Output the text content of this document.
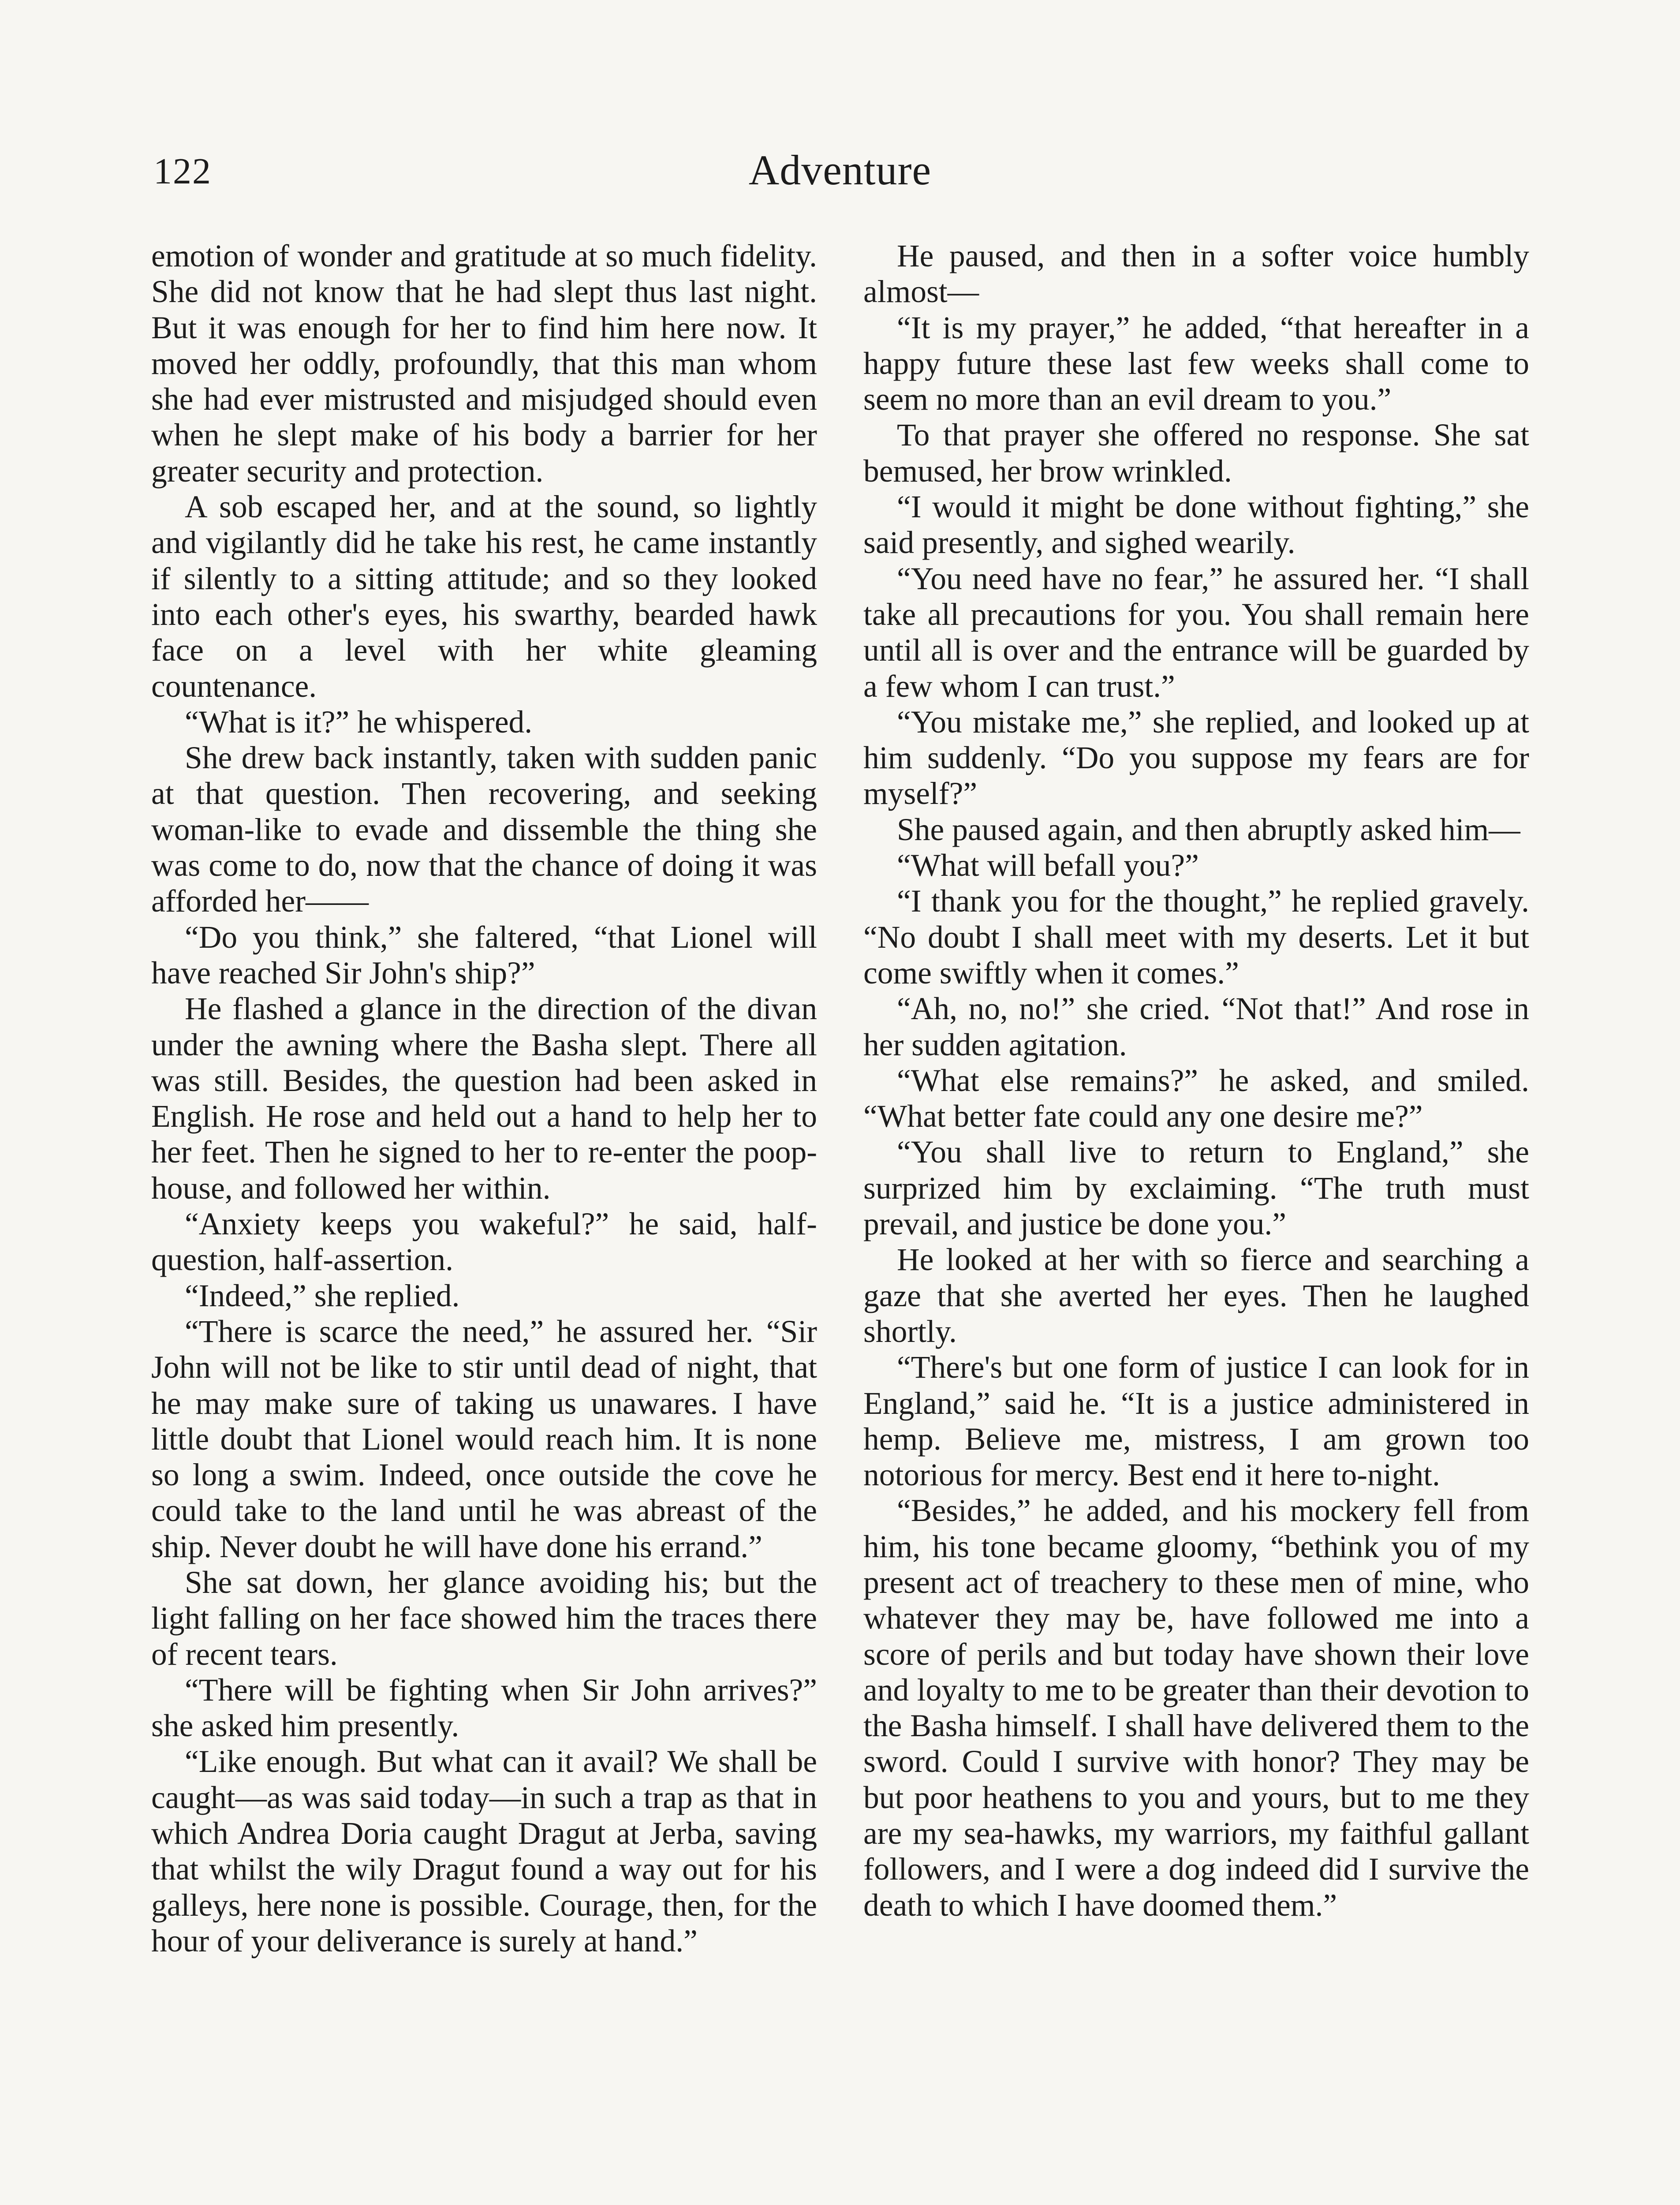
122	Adventure

emotion of wonder and gratitude at so much fidelity. She did not know that he had slept thus last night. But it was enough for her to find him here now. It moved her oddly, profoundly, that this man whom she had ever mistrusted and misjudged should even when he slept make of his body a barrier for her greater security and protection.

A sob escaped her, and at the sound, so lightly and vigilantly did he take his rest, he came instantly if silently to a sitting attitude; and so they looked into each other's eyes, his swarthy, bearded hawk face on a level with her white gleaming countenance.

“What is it?” he whispered.

She drew back instantly, taken with sudden panic at that question. Then recovering, and seeking woman-like to evade and dissemble the thing she was come to do, now that the chance of doing it was afforded her——

“Do you think,” she faltered, “that Lionel will have reached Sir John's ship?”

He flashed a glance in the direction of the divan under the awning where the Basha slept. There all was still. Besides, the question had been asked in English. He rose and held out a hand to help her to her feet. Then he signed to her to re-enter the poop-house, and followed her within.

“Anxiety keeps you wakeful?” he said, half-question, half-assertion.

“Indeed,” she replied.

“There is scarce the need,” he assured her. “Sir John will not be like to stir until dead of night, that he may make sure of taking us unawares. I have little doubt that Lionel would reach him. It is none so long a swim. Indeed, once outside the cove he could take to the land until he was abreast of the ship. Never doubt he will have done his errand.”

She sat down, her glance avoiding his; but the light falling on her face showed him the traces there of recent tears.

“There will be fighting when Sir John arrives?” she asked him presently.

“Like enough. But what can it avail? We shall be caught—as was said today—in such a trap as that in which Andrea Doria caught Dragut at Jerba, saving that whilst the wily Dragut found a way out for his galleys, here none is possible. Courage, then, for the hour of your deliverance is surely at hand.”

He paused, and then in a softer voice humbly almost—

“It is my prayer,” he added, “that hereafter in a happy future these last few weeks shall come to seem no more than an evil dream to you.”

To that prayer she offered no response. She sat bemused, her brow wrinkled.

“I would it might be done without fighting,” she said presently, and sighed wearily.

“You need have no fear,” he assured her. “I shall take all precautions for you. You shall remain here until all is over and the entrance will be guarded by a few whom I can trust.”

“You mistake me,” she replied, and looked up at him suddenly. “Do you suppose my fears are for myself?”

She paused again, and then abruptly asked him—

“What will befall you?”

“I thank you for the thought,” he replied gravely. “No doubt I shall meet with my deserts. Let it but come swiftly when it comes.”

“Ah, no, no!” she cried. “Not that!” And rose in her sudden agitation.

“What else remains?” he asked, and smiled. “What better fate could any one desire me?”

“You shall live to return to England,” she surprized him by exclaiming. “The truth must prevail, and justice be done you.”

He looked at her with so fierce and searching a gaze that she averted her eyes. Then he laughed shortly.

“There's but one form of justice I can look for in England,” said he. “It is a justice administered in hemp. Believe me, mistress, I am grown too notorious for mercy. Best end it here to-night.

“Besides,” he added, and his mockery fell from him, his tone became gloomy, “bethink you of my present act of treachery to these men of mine, who whatever they may be, have followed me into a score of perils and but today have shown their love and loyalty to me to be greater than their devotion to the Basha himself. I shall have delivered them to the sword. Could I survive with honor? They may be but poor heathens to you and yours, but to me they are my sea-hawks, my warriors, my faithful gallant followers, and I were a dog indeed did I survive the death to which I have doomed them.”
